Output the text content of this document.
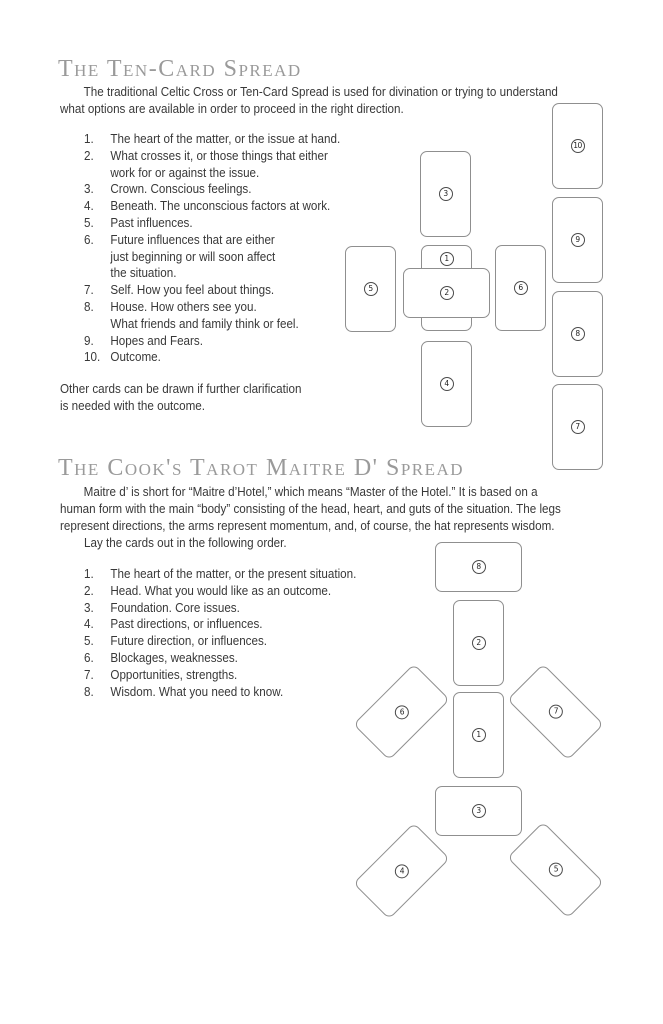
The Ten-Card Spread
The traditional Celtic Cross or Ten-Card Spread is used for divination or trying to understand
what options are available in order to proceed in the right direction.
1.	The heart of the matter, or the issue at hand.
2.	What crosses it, or those things that either
work for or against the issue.
3.	Crown. Conscious feelings.
4.	Beneath. The unconscious factors at work.
5.	Past influences.
6.	Future influences that are either
just beginning or will soon affect
the situation.
7.	Self. How you feel about things.
8.	House. How others see you.
What friends and family think or feel.
9.	Hopes and Fears.
10. Outcome.
Other cards can be drawn if further clarification
is needed with the outcome.
3
1
2
5	6
4
10
9
8
7
The Cook's Tarot Maitre D' Spread
Maitre d’ is short for “Maitre d’Hotel,” which means “Master of the Hotel.” It is based on a
human form with the main “body” consisting of the head, heart, and guts of the situation. The legs
represent directions, the arms represent momentum, and, of course, the hat represents wisdom.
Lay the cards out in the following order.
1.	The heart of the matter, or the present situation.
2.	Head. What you would like as an outcome.
3.	Foundation. Core issues.
4.	Past directions, or influences.
5.	Future direction, or influences.
6.	Blockages, weaknesses.
7.	Opportunities, strengths.
8.	Wisdom. What you need to know.
8
2
6
1
7
3
4	5
